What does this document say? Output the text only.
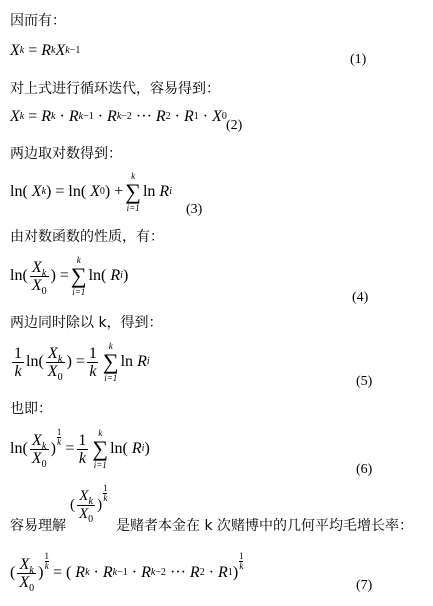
因而有：
X k = R k X k−1
(1)
对上式进行循环迭代，容易得到：
X k = R k · R k−1 · R k−2 ··· R 2 · R 1 · X 0
(2)
两边取对数得到：
ln( X k ) = ln( X 0 ) +
k
∑
i=1
ln R i
(3)
由对数函数的性质，有：
$\ln( \frac{X_k}{X_0}$ ) =
k
∑
i=1
ln( R i )
(4)
两边同时除以 k，得到：
$\frac{1}{k} \ln( \frac{X_k}{X_0}$ ) = $\frac{1}{k}$ k
∑
i=1
ln R i
(5)
也即：
$\ln( \frac{X_k}{X_0}$ )
1
$k = \frac{1}{k}$ k
∑
i=1
ln( R i )
(6)
容易理解
( $\frac{X_k}{X_0}$ )
1
k
是赌者本金在 k 次赌博中的几何平均毛增长率：
( $\frac{X_k}{X_0}$ )
1
k = ( R k · R k−1 · R k−2 ··· R 2 · R 1 )
1
k
(7)
